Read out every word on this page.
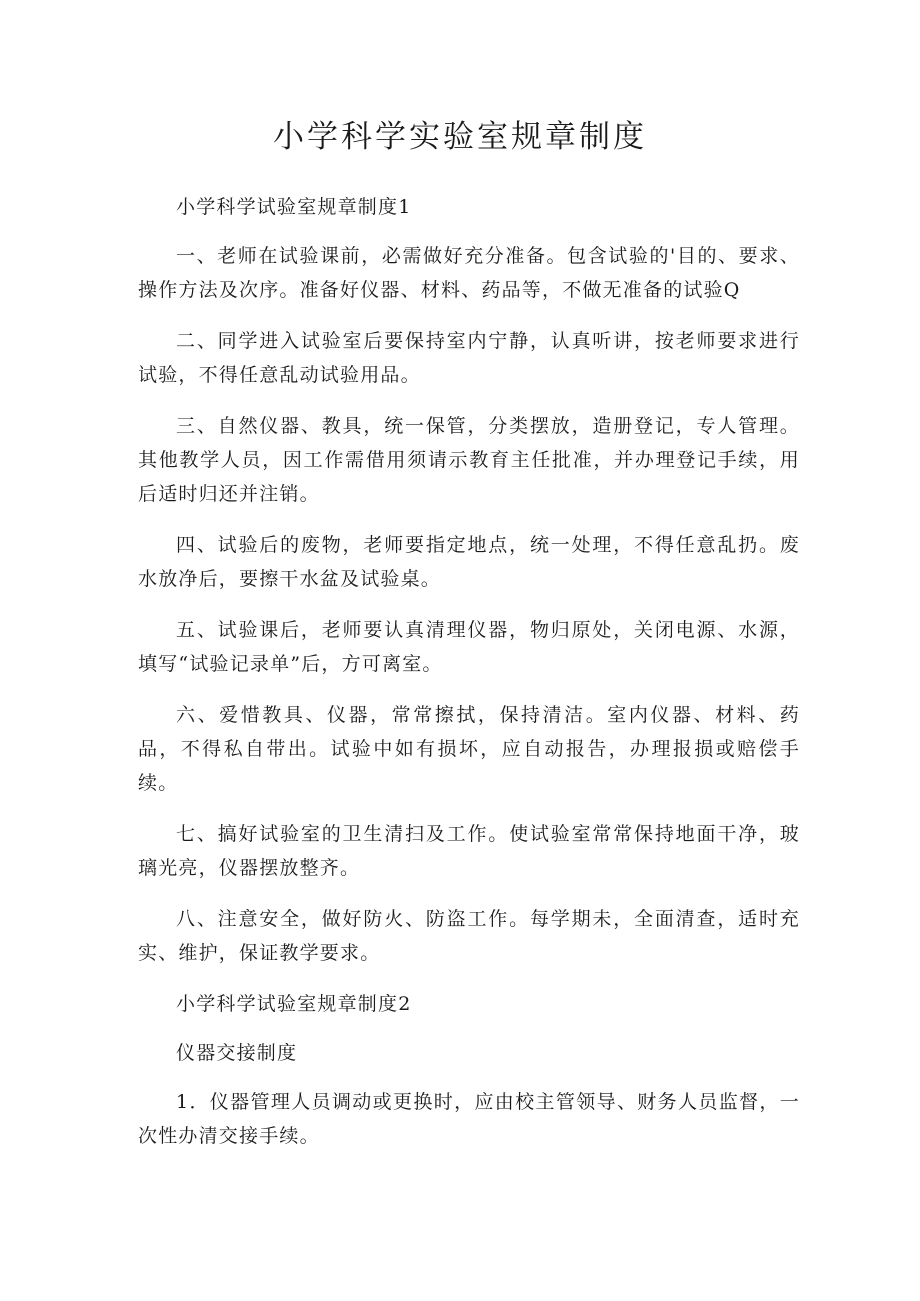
小学科学实验室规章制度

小学科学试验室规章制度1

一、老师在试验课前，必需做好充分准备。包含试验的'目的、要求、操作方法及次序。准备好仪器、材料、药品等，不做无准备的试验Q

二、同学进入试验室后要保持室内宁静，认真听讲，按老师要求进行试验，不得任意乱动试验用品。

三、自然仪器、教具，统一保管，分类摆放，造册登记，专人管理。其他教学人员，因工作需借用须请示教育主任批准，并办理登记手续，用后适时归还并注销。

四、试验后的废物，老师要指定地点，统一处理，不得任意乱扔。废水放净后，要擦干水盆及试验桌。

五、试验课后，老师要认真清理仪器，物归原处，关闭电源、水源，填写“试验记录单”后，方可离室。

六、爱惜教具、仪器，常常擦拭，保持清洁。室内仪器、材料、药品，不得私自带出。试验中如有损坏，应自动报告，办理报损或赔偿手续。

七、搞好试验室的卫生清扫及工作。使试验室常常保持地面干净，玻璃光亮，仪器摆放整齐。

八、注意安全，做好防火、防盗工作。每学期未，全面清查，适时充实、维护，保证教学要求。

小学科学试验室规章制度2

仪器交接制度

1．仪器管理人员调动或更换时，应由校主管领导、财务人员监督，一次性办清交接手续。
